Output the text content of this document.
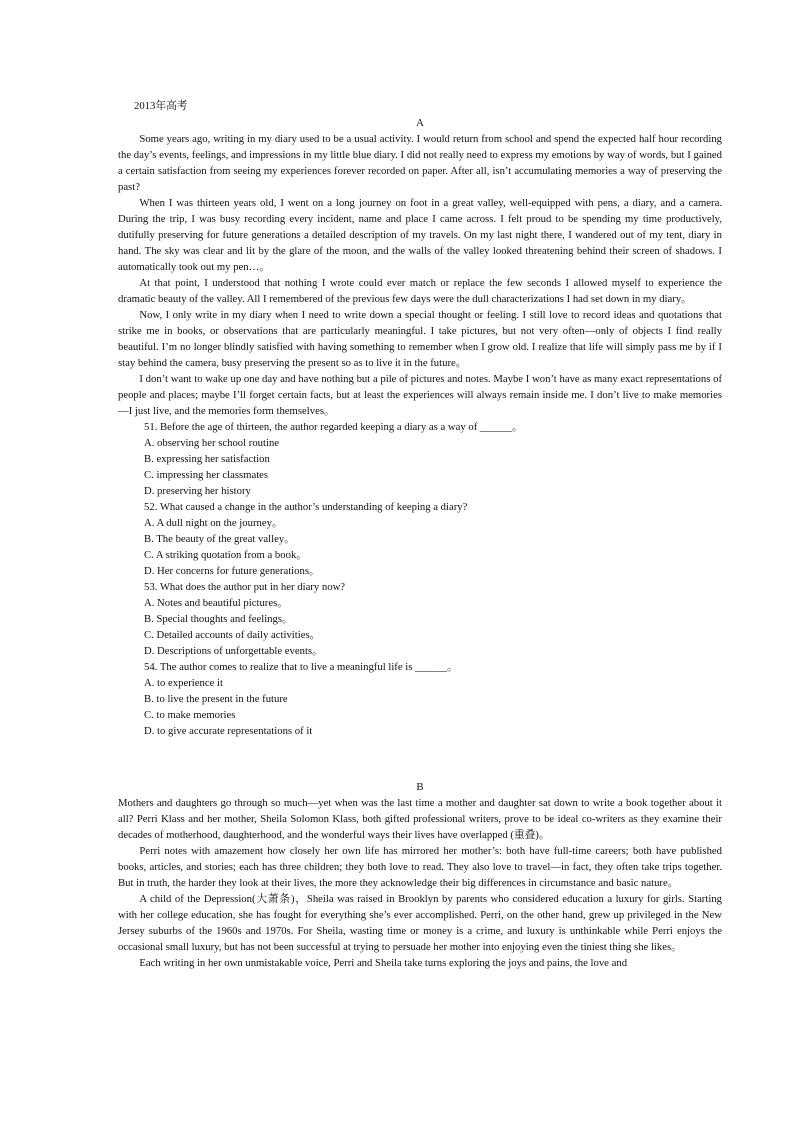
2013年高考
A

Some years ago, writing in my diary used to be a usual activity. I would return from school and spend the expected half hour recording the day’s events, feelings, and impressions in my little blue diary. I did not really need to express my emotions by way of words, but I gained a certain satisfaction from seeing my experiences forever recorded on paper. After all, isn’t accumulating memories a way of preserving the past?

When I was thirteen years old, I went on a long journey on foot in a great valley, well-equipped with pens, a diary, and a camera. During the trip, I was busy recording every incident, name and place I came across. I felt proud to be spending my time productively, dutifully preserving for future generations a detailed description of my travels. On my last night there, I wandered out of my tent, diary in hand. The sky was clear and lit by the glare of the moon, and the walls of the valley looked threatening behind their screen of shadows. I automatically took out my pen…。

At that point, I understood that nothing I wrote could ever match or replace the few seconds I allowed myself to experience the dramatic beauty of the valley. All I remembered of the previous few days were the dull characterizations I had set down in my diary。

Now, I only write in my diary when I need to write down a special thought or feeling. I still love to record ideas and quotations that strike me in books, or observations that are particularly meaningful. I take pictures, but not very often—only of objects I find really beautiful. I’m no longer blindly satisfied with having something to remember when I grow old. I realize that life will simply pass me by if I stay behind the camera, busy preserving the present so as to live it in the future。

I don’t want to wake up one day and have nothing but a pile of pictures and notes. Maybe I won’t have as many exact representations of people and places; maybe I’ll forget certain facts, but at least the experiences will always remain inside me. I don’t live to make memories —I just live, and the memories form themselves。

51. Before the age of thirteen, the author regarded keeping a diary as a way of ______。

A. observing her school routine

B. expressing her satisfaction

C. impressing her classmates

D. preserving her history

52. What caused a change in the author’s understanding of keeping a diary?

A. A dull night on the journey。

B. The beauty of the great valley。

C. A striking quotation from a book。

D. Her concerns for future generations。

53. What does the author put in her diary now?

A. Notes and beautiful pictures。

B. Special thoughts and feelings。

C. Detailed accounts of daily activities。

D. Descriptions of unforgettable events。

54. The author comes to realize that to live a meaningful life is ______。

A. to experience it

B. to live the present in the future

C. to make memories

D. to give accurate representations of it

B

Mothers and daughters go through so much—yet when was the last time a mother and daughter sat down to write a book together about it all? Perri Klass and her mother, Sheila Solomon Klass, both gifted professional writers, prove to be ideal co-writers as they examine their decades of motherhood, daughterhood, and the wonderful ways their lives have overlapped (重叠)。

Perri notes with amazement how closely her own life has mirrored her mother’s: both have full-time careers; both have published books, articles, and stories; each has three children; they both love to read. They also love to travel—in fact, they often take trips together. But in truth, the harder they look at their lives, the more they acknowledge their big differences in circumstance and basic nature。

A child of the Depression(大萧条)，Sheila was raised in Brooklyn by parents who considered education a luxury for girls. Starting with her college education, she has fought for everything she’s ever accomplished. Perri, on the other hand, grew up privileged in the New Jersey suburbs of the 1960s and 1970s. For Sheila, wasting time or money is a crime, and luxury is unthinkable while Perri enjoys the occasional small luxury, but has not been successful at trying to persuade her mother into enjoying even the tiniest thing she likes。

Each writing in her own unmistakable voice, Perri and Sheila take turns exploring the joys and pains, the love and
